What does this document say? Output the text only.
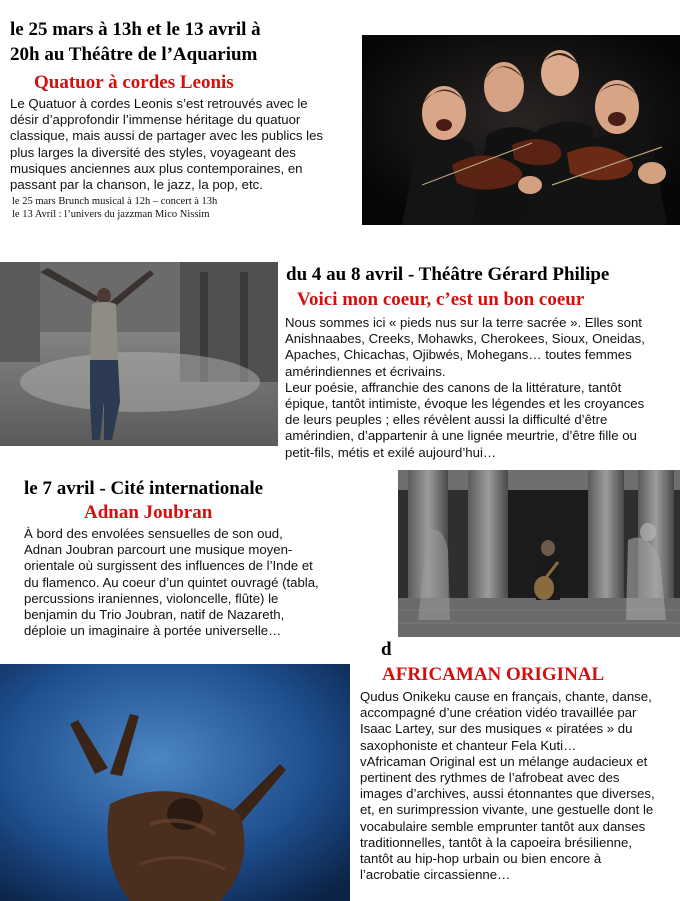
le 25 mars à 13h et le 13 avril à
20h au Théâtre de l’Aquarium
Quatuor à cordes Leonis
Le Quatuor à cordes Leonis s’est retrouvés avec le
désir d’approfondir l’immense héritage du quatuor
classique, mais aussi de partager avec les publics les
plus larges la diversité des styles, voyageant des
musiques anciennes aux plus contemporaines, en
passant par la chanson, le jazz, la pop, etc.
le 25 mars Brunch musical à 12h – concert à 13h
le 13 Avril : l’univers du jazzman Mico Nissim
du 4 au 8 avril - Théâtre Gérard Philipe
Voici mon coeur, c’est un bon coeur
Nous sommes ici « pieds nus sur la terre sacrée ». Elles sont
Anishnaabes, Creeks, Mohawks, Cherokees, Sioux, Oneidas,
Apaches, Chicachas, Ojibwés, Mohegans… toutes femmes
amérindiennes et écrivains.
Leur poésie, affranchie des canons de la littérature, tantôt
épique, tantôt intimiste, évoque les légendes et les croyances
de leurs peuples ; elles révèlent aussi la difficulté d’être
amérindien, d’appartenir à une lignée meurtrie, d’être fille ou
petit-fils, métis et exilé aujourd’hui…
le 7 avril - Cité internationale
Adnan Joubran
À bord des envolées sensuelles de son oud,
Adnan Joubran parcourt une musique moyen-
orientale où surgissent des influences de l’Inde et
du flamenco. Au coeur d’un quintet ouvragé (tabla,
percussions iraniennes, violoncelle, flûte) le
benjamin du Trio Joubran, natif de Nazareth,
déploie un imaginaire à portée universelle…
d
AFRICAMAN ORIGINAL
Qudus Onikeku cause en français, chante, danse,
accompagné d’une création vidéo travaillée par
Isaac Lartey, sur des musiques « piratées » du
saxophoniste et chanteur Fela Kuti…
vAfricaman Original est un mélange audacieux et
pertinent des rythmes de l’afrobeat avec des
images d’archives, aussi étonnantes que diverses,
et, en surimpression vivante, une gestuelle dont le
vocabulaire semble emprunter tantôt aux danses
traditionnelles, tantôt à la capoeira brésilienne,
tantôt au hip-hop urbain ou bien encore à
l’acrobatie circassienne…
